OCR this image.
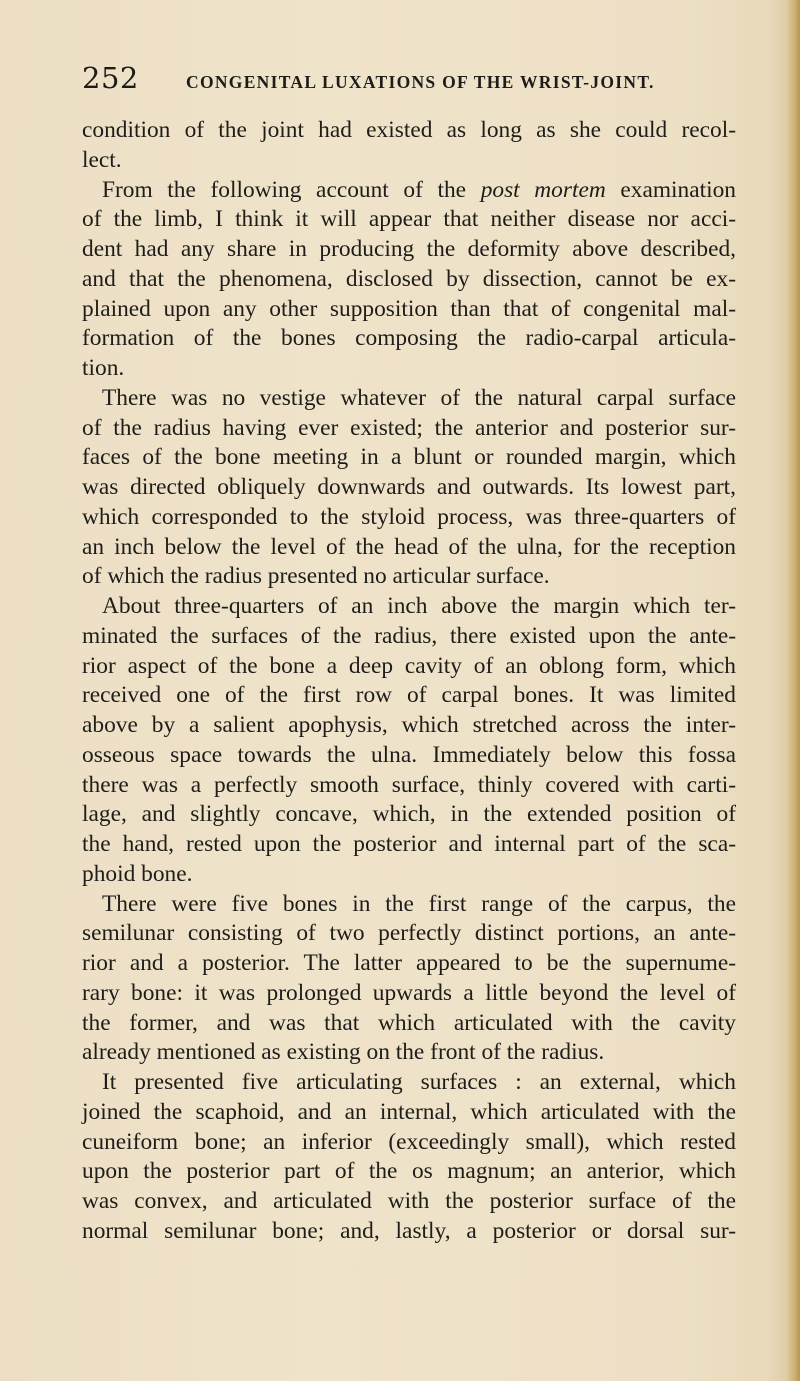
252	CONGENITAL LUXATIONS OF THE WRIST-JOINT.
condition of the joint had existed as long as she could recol-
lect.
From the following account of the post mortem examination
of the limb, I think it will appear that neither disease nor acci-
dent had any share in producing the deformity above described,
and that the phenomena, disclosed by dissection, cannot be ex-
plained upon any other supposition than that of congenital mal-
formation of the bones composing the radio-carpal articula-
tion.
There was no vestige whatever of the natural carpal surface
of the radius having ever existed; the anterior and posterior sur-
faces of the bone meeting in a blunt or rounded margin, which
was directed obliquely downwards and outwards. Its lowest part,
which corresponded to the styloid process, was three-quarters of
an inch below the level of the head of the ulna, for the reception
of which the radius presented no articular surface.
About three-quarters of an inch above the margin which ter-
minated the surfaces of the radius, there existed upon the ante-
rior aspect of the bone a deep cavity of an oblong form, which
received one of the first row of carpal bones. It was limited
above by a salient apophysis, which stretched across the inter-
osseous space towards the ulna. Immediately below this fossa
there was a perfectly smooth surface, thinly covered with carti-
lage, and slightly concave, which, in the extended position of
the hand, rested upon the posterior and internal part of the sca-
phoid bone.
There were five bones in the first range of the carpus, the
semilunar consisting of two perfectly distinct portions, an ante-
rior and a posterior. The latter appeared to be the supernume-
rary bone: it was prolonged upwards a little beyond the level of
the former, and was that which articulated with the cavity
already mentioned as existing on the front of the radius.
It presented five articulating surfaces : an external, which
joined the scaphoid, and an internal, which articulated with the
cuneiform bone; an inferior (exceedingly small), which rested
upon the posterior part of the os magnum; an anterior, which
was convex, and articulated with the posterior surface of the
normal semilunar bone; and, lastly, a posterior or dorsal sur-
